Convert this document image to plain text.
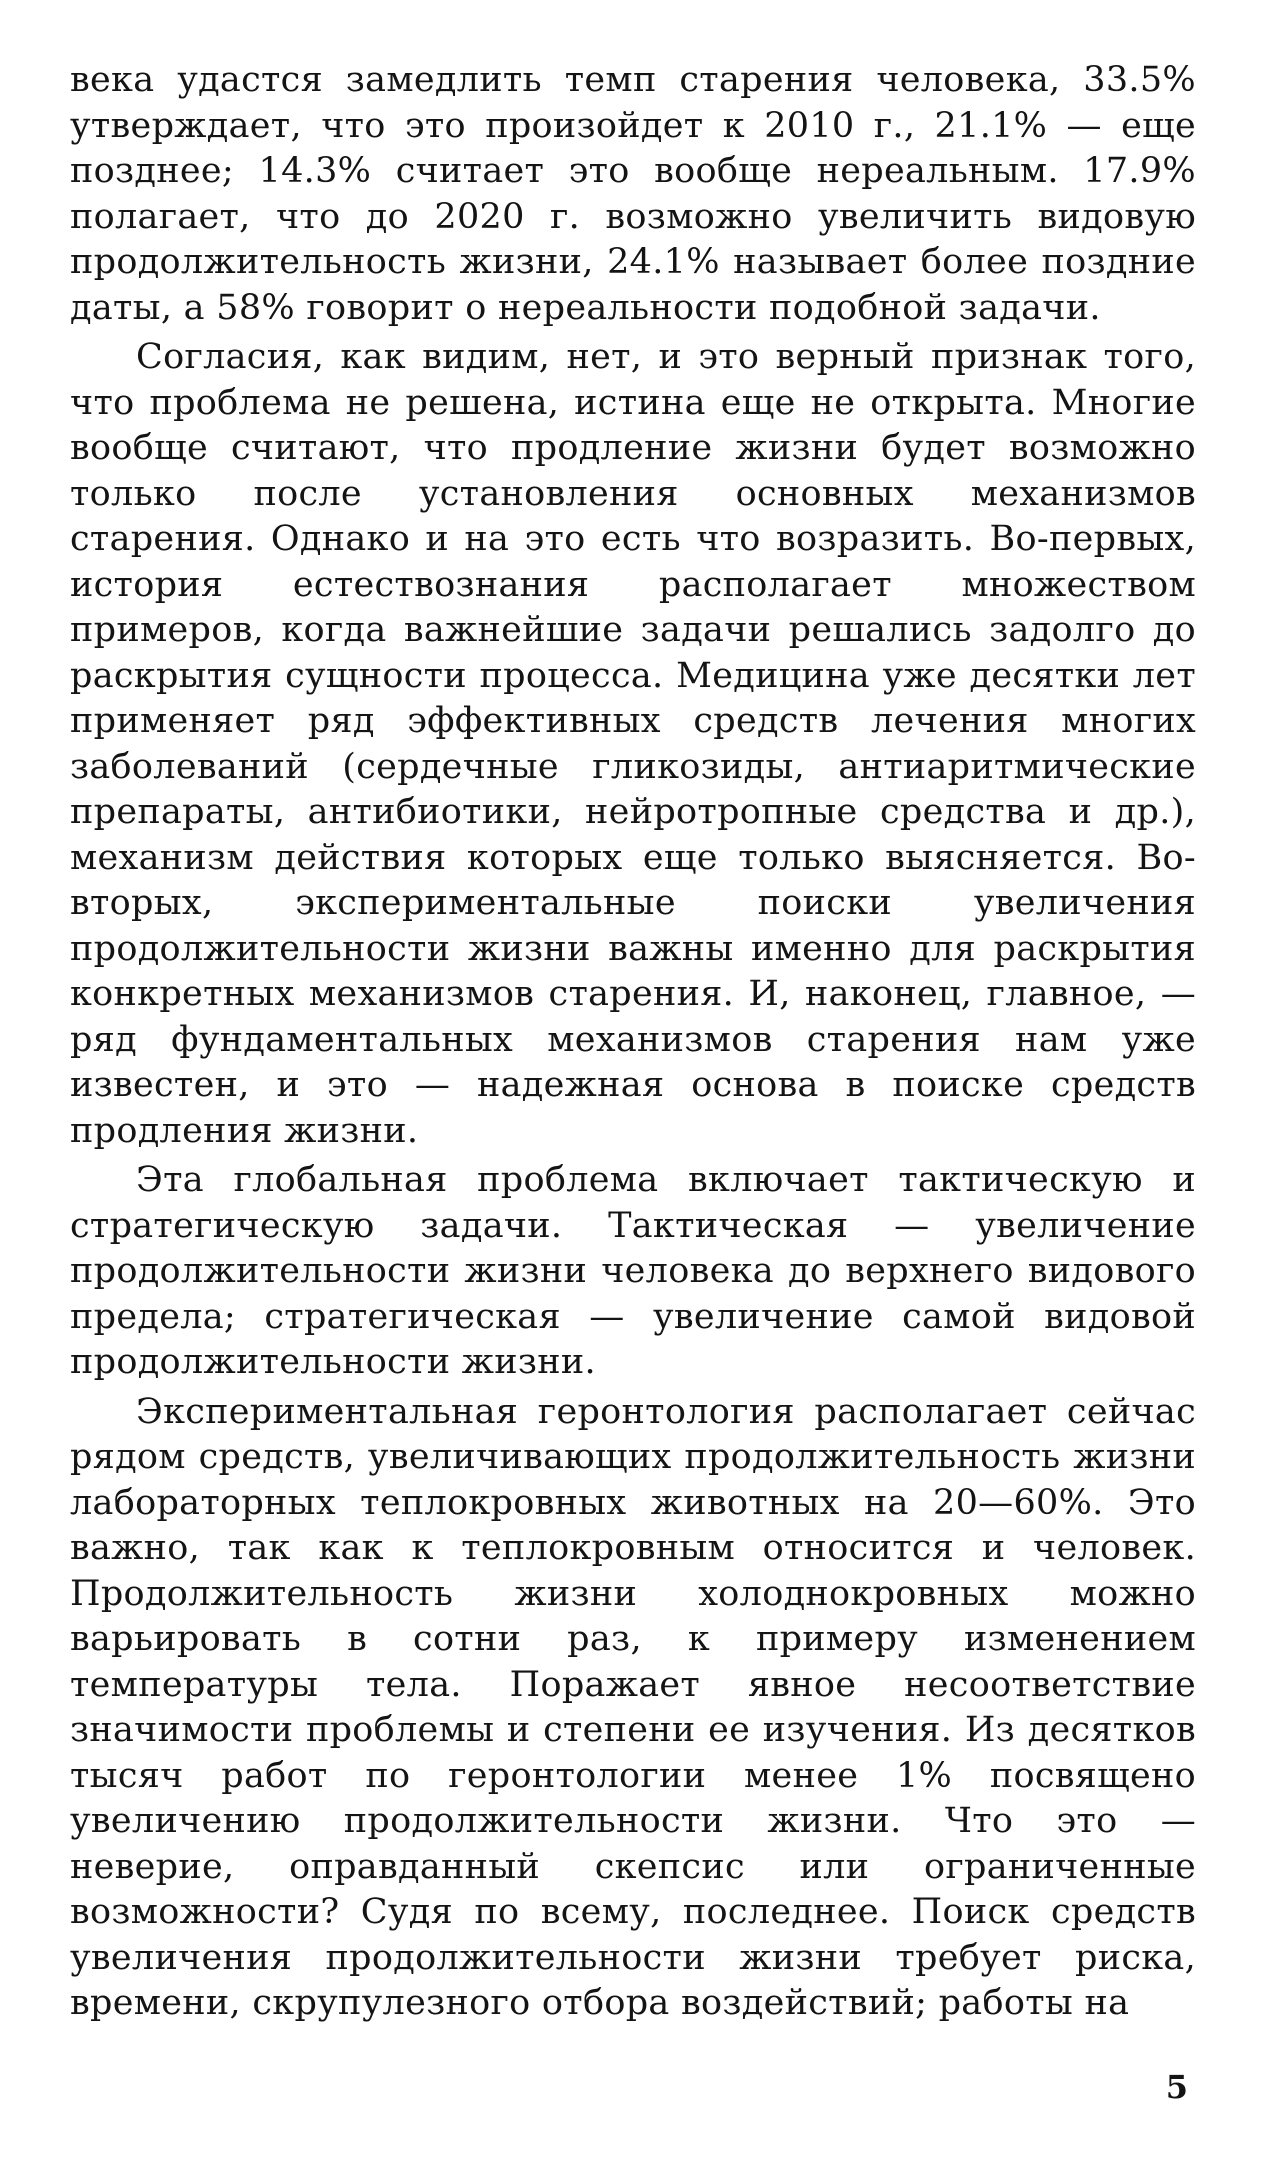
века удастся замедлить темп старения человека, 33.5% утверждает, что это произойдет к 2010 г., 21.1% — еще позднее; 14.3% считает это вообще нереальным. 17.9% полагает, что до 2020 г. возможно увеличить видовую продолжительность жизни, 24.1% называет более поздние даты, а 58% говорит о нереальности подобной задачи.

Согласия, как видим, нет, и это верный признак того, что проблема не решена, истина еще не открыта. Многие вообще считают, что продление жизни будет возможно только после установления основных механизмов старения. Однако и на это есть что возразить. Во-первых, история естествознания располагает множеством примеров, когда важнейшие задачи решались задолго до раскрытия сущности процесса. Медицина уже десятки лет применяет ряд эффективных средств лечения многих заболеваний (сердечные гликозиды, антиаритмические препараты, антибиотики, нейротропные средства и др.), механизм действия которых еще только выясняется. Во-вторых, экспериментальные поиски увеличения продолжительности жизни важны именно для раскрытия конкретных механизмов старения. И, наконец, главное, — ряд фундаментальных механизмов старения нам уже известен, и это — надежная основа в поиске средств продления жизни.

Эта глобальная проблема включает тактическую и стратегическую задачи. Тактическая — увеличение продолжительности жизни человека до верхнего видового предела; стратегическая — увеличение самой видовой продолжительности жизни.

Экспериментальная геронтология располагает сейчас рядом средств, увеличивающих продолжительность жизни лабораторных теплокровных животных на 20—60%. Это важно, так как к теплокровным относится и человек. Продолжительность жизни холоднокровных можно варьировать в сотни раз, к примеру изменением температуры тела. Поражает явное несоответствие значимости проблемы и степени ее изучения. Из десятков тысяч работ по геронтологии менее 1% посвящено увеличению продолжительности жизни. Что это — неверие, оправданный скепсис или ограниченные возможности? Судя по всему, последнее. Поиск средств увеличения продолжительности жизни требует риска, времени, скрупулезного отбора воздействий; работы на

5
